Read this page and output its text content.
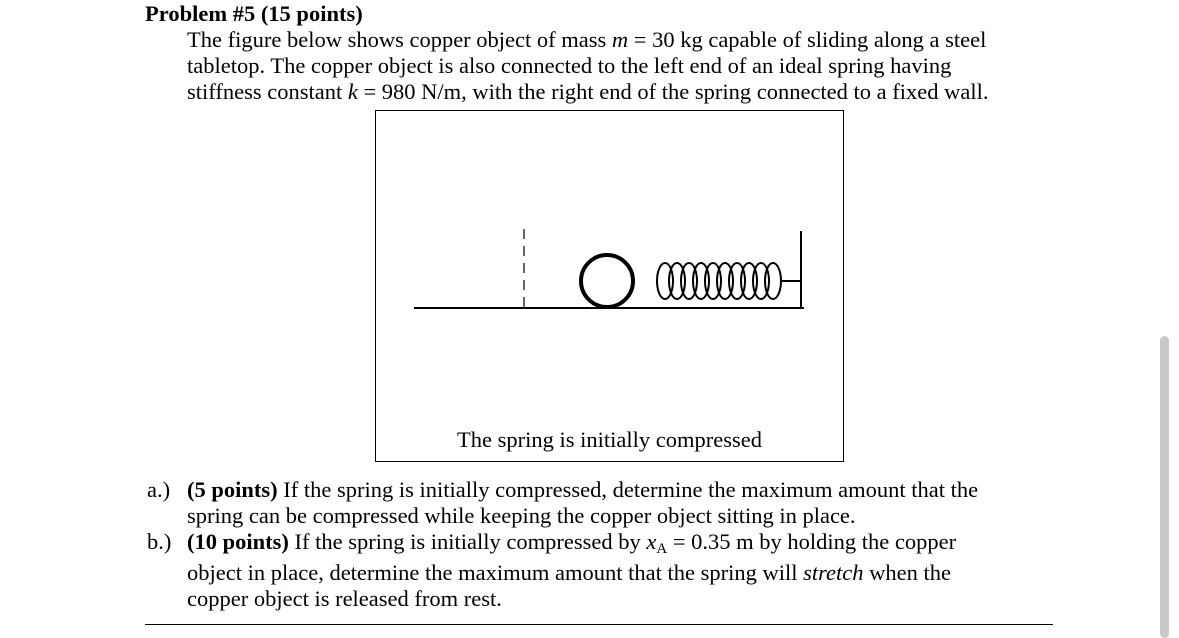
Problem #5 (15 points)
The figure below shows copper object of mass m = 30 kg capable of sliding along a steel
tabletop. The copper object is also connected to the left end of an ideal spring having
stiffness constant k = 980 N/m, with the right end of the spring connected to a fixed wall.
The spring is initially compressed
a.) (5 points) If the spring is initially compressed, determine the maximum amount that the
spring can be compressed while keeping the copper object sitting in place.
b.) (10 points) If the spring is initially compressed by $x_A = 0.35$ m by holding the copper
object in place, determine the maximum amount that the spring will stretch when the
copper object is released from rest.
